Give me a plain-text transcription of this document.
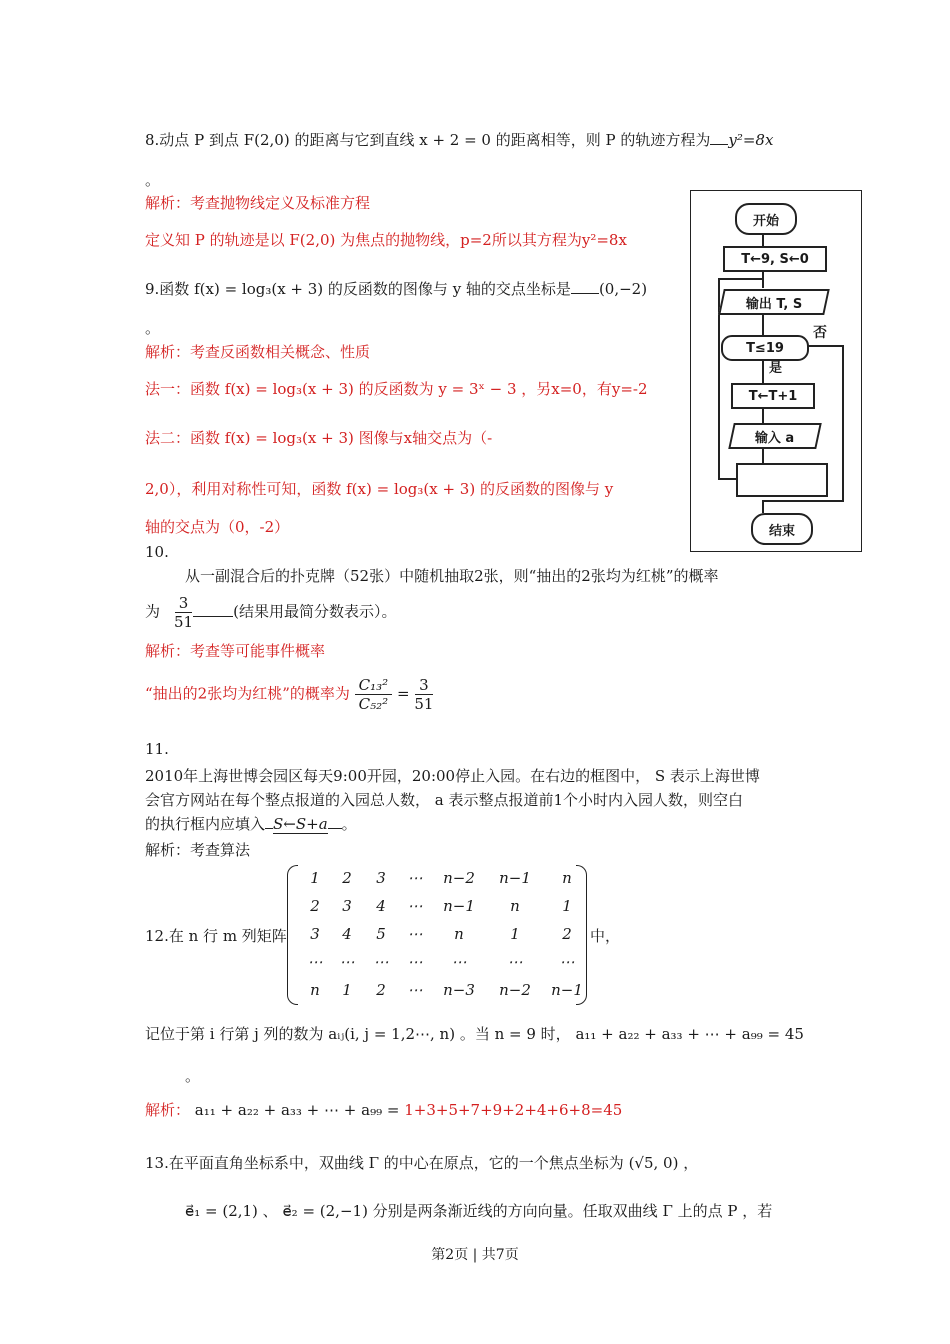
8.动点 P 到点 F(2,0) 的距离与它到直线 x + 2 = 0 的距离相等，则 P 的轨迹方程为 y²=8x
。
解析：考查抛物线定义及标准方程
定义知 P 的轨迹是以 F(2,0) 为焦点的抛物线，p=2所以其方程为y²=8x
9.函数 f(x) = log₃(x + 3) 的反函数的图像与 y 轴的交点坐标是 (0,−2)
。
解析：考查反函数相关概念、性质
法一：函数 f(x) = log₃(x + 3) 的反函数为 y = 3ˣ − 3 ，另x=0，有y=-2
法二：函数 f(x) = log₃(x + 3) 图像与x轴交点为（-
2,0），利用对称性可知，函数 f(x) = log₃(x + 3) 的反函数的图像与 y
轴的交点为（0，-2）
开始
T←9, S←0
输出 T, S
T≤19
否
是
T←T+1
输入 a
结束
10.
从一副混合后的扑克牌（52张）中随机抽取2张，则“抽出的2张均为红桃”的概率
为 $\frac{3}{51}$	(结果用最简分数表示）。
解析：考查等可能事件概率
“抽出的2张均为红桃”的概率为 $\frac{\text{C₁₃²}}{\text{C₅₂²}} = \frac{3}{51}$
11.
2010年上海世博会园区每天9:00开园，20:00停止入园。在右边的框图中， S 表示上海世博
会官方网站在每个整点报道的入园总人数， a 表示整点报道前1个小时内入园人数，则空白
的执行框内应填入 S←S+a 。
解析：考查算法
12.在 n 行 m 列矩阵
1	2	3	⋯	n−2	n−1	n
2	3	4	⋯	n−1	n	1
3	4	5	⋯	n	1	2
⋯	⋯	⋯	⋯	⋯	⋯	⋯
n	1	2	⋯	n−3	n−2	n−1
中，
记位于第 i 行第 j 列的数为 aᵢⱼ(i, j = 1,2⋯, n) 。当 n = 9 时， a₁₁ + a₂₂ + a₃₃ + ⋯ + a₉₉ = 45
。
解析： a₁₁ + a₂₂ + a₃₃ + ⋯ + a₉₉ = 1+3+5+7+9+2+4+6+8=45
13.在平面直角坐标系中，双曲线 Γ 的中心在原点，它的一个焦点坐标为 (√5, 0) ，
e⃗₁ = (2,1) 、 e⃗₂ = (2,−1) 分别是两条渐近线的方向向量。任取双曲线 Γ 上的点 P ，若
第2页 | 共7页
